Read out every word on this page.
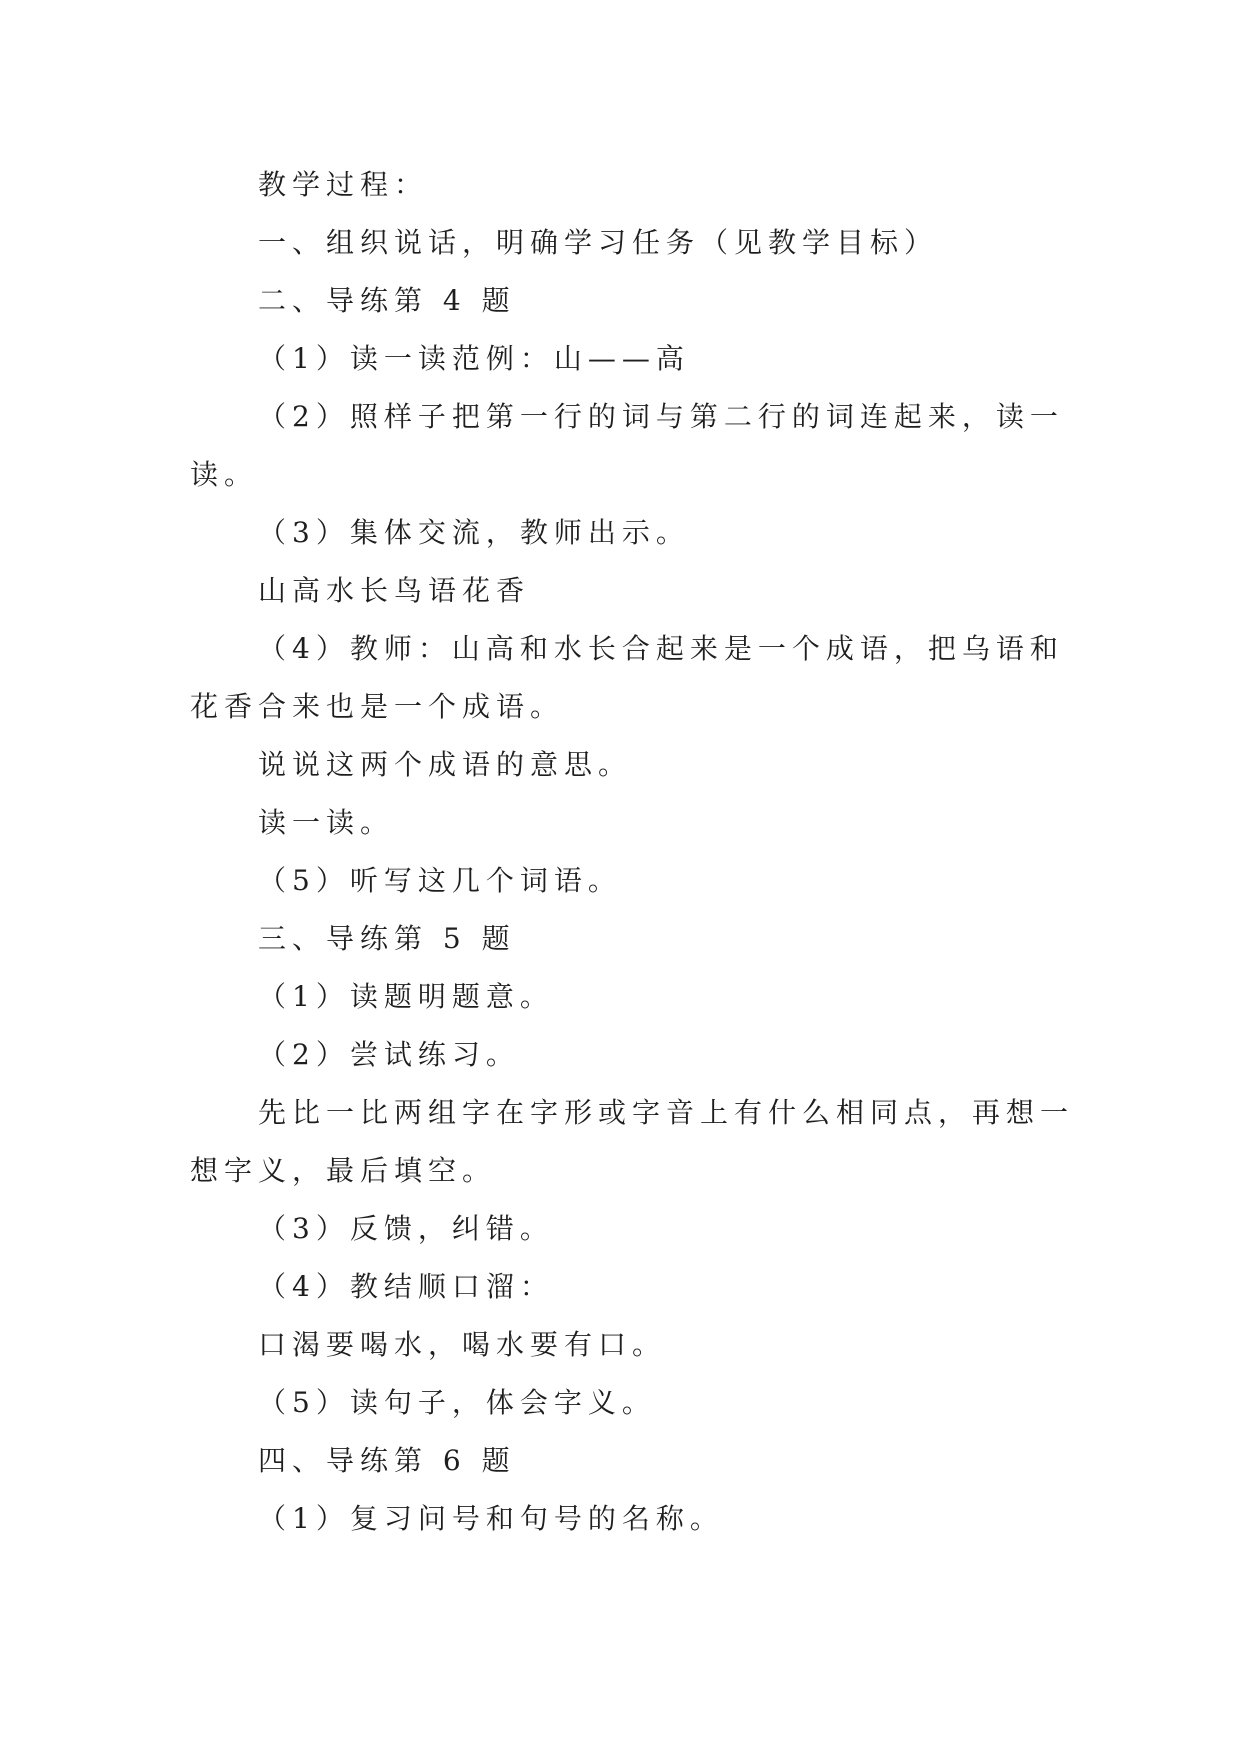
教学过程：

一、组织说话，明确学习任务（见教学目标）

二、导练第 4 题

（1）读一读范例：山——高

（2）照样子把第一行的词与第二行的词连起来，读一读。

（3）集体交流，教师出示。

山高水长鸟语花香

（4）教师：山高和水长合起来是一个成语，把乌语和花香合来也是一个成语。

说说这两个成语的意思。

读一读。

（5）听写这几个词语。

三、导练第 5 题

（1）读题明题意。

（2）尝试练习。

先比一比两组字在字形或字音上有什么相同点，再想一想字义，最后填空。

（3）反馈，纠错。

（4）教结顺口溜：

口渴要喝水，喝水要有口。

（5）读句子，体会字义。

四、导练第 6 题

（1）复习问号和句号的名称。
